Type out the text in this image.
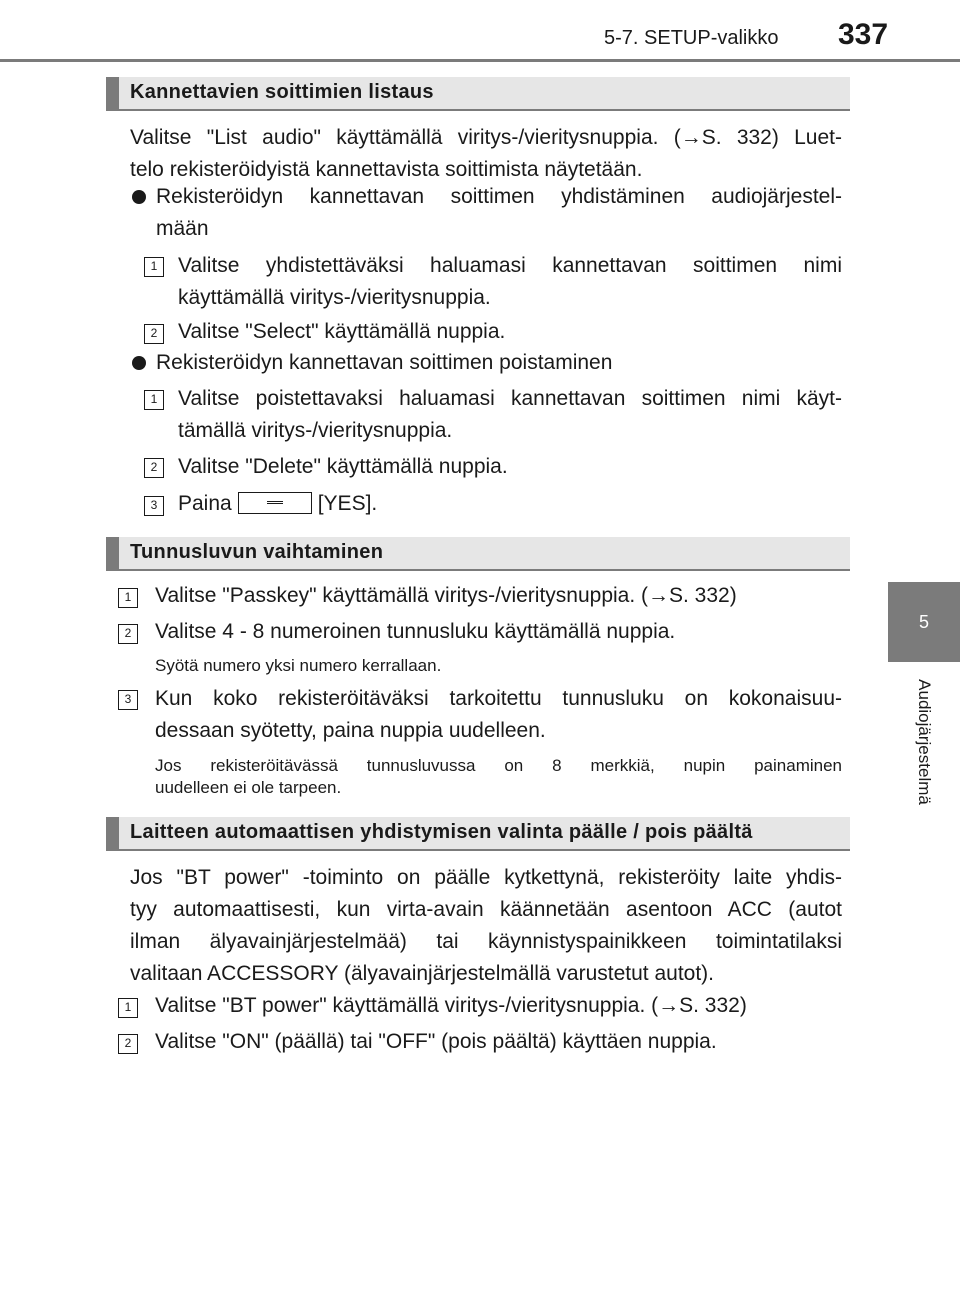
5-7. SETUP-valikko 337
5
Audiojärjestelmä
Kannettavien soittimien listaus
Valitse "List audio" käyttämällä viritys-/vieritysnuppia. (→S. 332) Luet-
telo rekisteröidyistä kannettavista soittimista näytetään.
Rekisteröidyn kannettavan soittimen yhdistäminen audiojärjestel-
mään
1 Valitse yhdistettäväksi haluamasi kannettavan soittimen nimi
käyttämällä viritys-/vieritysnuppia.
2 Valitse "Select" käyttämällä nuppia.
Rekisteröidyn kannettavan soittimen poistaminen
1 Valitse poistettavaksi haluamasi kannettavan soittimen nimi käyt-
tämällä viritys-/vieritysnuppia.
2 Valitse "Delete" käyttämällä nuppia.
3 Paina	[YES].
Tunnusluvun vaihtaminen
1	Valitse "Passkey" käyttämällä viritys-/vieritysnuppia. (→S. 332)
2	Valitse 4 - 8 numeroinen tunnusluku käyttämällä nuppia.
Syötä numero yksi numero kerrallaan.
3	Kun koko rekisteröitäväksi tarkoitettu tunnusluku on kokonaisuu-
dessaan syötetty, paina nuppia uudelleen.
Jos rekisteröitävässä tunnusluvussa on 8 merkkiä, nupin painaminen
uudelleen ei ole tarpeen.
Laitteen automaattisen yhdistymisen valinta päälle / pois päältä
Jos "BT power" -toiminto on päälle kytkettynä, rekisteröity laite yhdis-
tyy automaattisesti, kun virta-avain käännetään asentoon ACC (autot
ilman älyavainjärjestelmää) tai käynnistyspainikkeen toimintatilaksi
valitaan ACCESSORY (älyavainjärjestelmällä varustetut autot).
1	Valitse "BT power" käyttämällä viritys-/vieritysnuppia. (→S. 332)
2	Valitse "ON" (päällä) tai "OFF" (pois päältä) käyttäen nuppia.
